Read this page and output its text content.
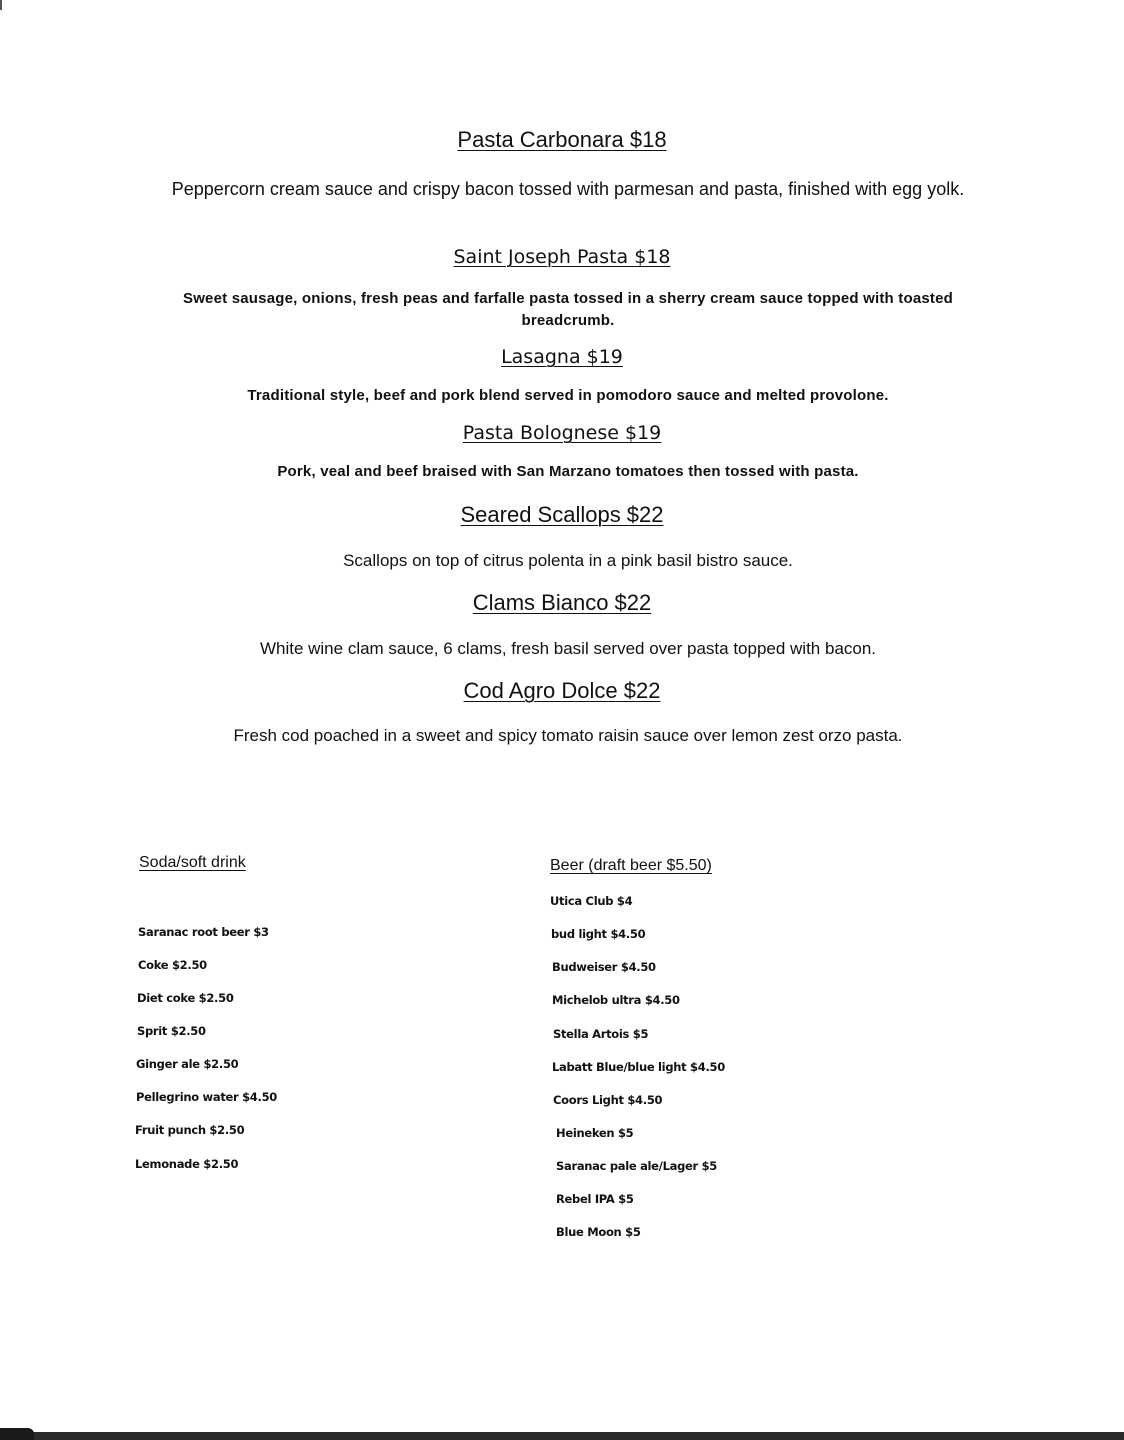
Pasta Carbonara $18
Peppercorn cream sauce and crispy bacon tossed with parmesan and pasta, finished with egg yolk.
Saint Joseph Pasta $18
Sweet sausage, onions, fresh peas and farfalle pasta tossed in a sherry cream sauce topped with toasted breadcrumb.
Lasagna $19
Traditional style, beef and pork blend served in pomodoro sauce and melted provolone.
Pasta Bolognese $19
Pork, veal and beef braised with San Marzano tomatoes then tossed with pasta.
Seared Scallops $22
Scallops on top of citrus polenta in a pink basil bistro sauce.
Clams Bianco $22
White wine clam sauce, 6 clams, fresh basil served over pasta topped with bacon.
Cod Agro Dolce $22
Fresh cod poached in a sweet and spicy tomato raisin sauce over lemon zest orzo pasta.
Soda/soft drink
Saranac root beer $3
Coke $2.50
Diet coke $2.50
Sprit $2.50
Ginger ale $2.50
Pellegrino water $4.50
Fruit punch $2.50
Lemonade $2.50
Beer (draft beer $5.50)
Utica Club $4
bud light $4.50
Budweiser $4.50
Michelob ultra $4.50
Stella Artois $5
Labatt Blue/blue light $4.50
Coors Light $4.50
Heineken $5
Saranac pale ale/Lager $5
Rebel IPA $5
Blue Moon $5
